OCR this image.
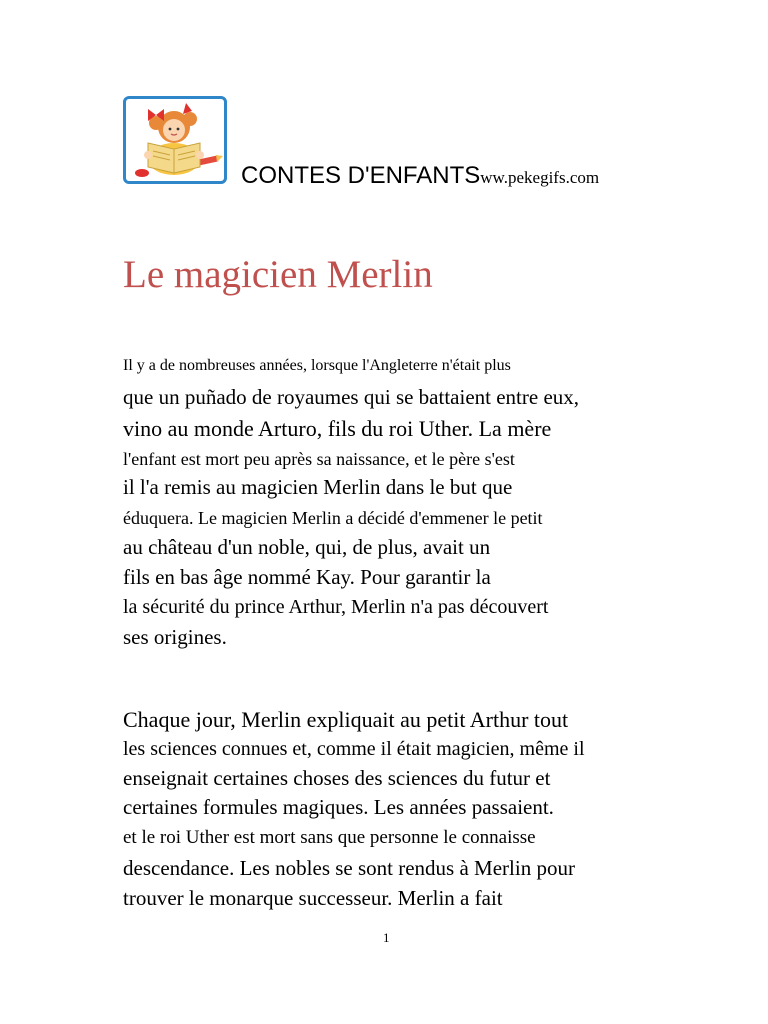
CONTES D'ENFANTSww.pekegifs.com
Le magicien Merlin
Il y a de nombreuses années, lorsque l'Angleterre n'était plus
que un puñado de royaumes qui se battaient entre eux,
vino au monde Arturo, fils du roi Uther. La mère
l'enfant est mort peu après sa naissance, et le père s'est
il l'a remis au magicien Merlin dans le but que
éduquera. Le magicien Merlin a décidé d'emmener le petit
au château d'un noble, qui, de plus, avait un
fils en bas âge nommé Kay. Pour garantir la
la sécurité du prince Arthur, Merlin n'a pas découvert
ses origines.
Chaque jour, Merlin expliquait au petit Arthur tout
les sciences connues et, comme il était magicien, même il
enseignait certaines choses des sciences du futur et
certaines formules magiques. Les années passaient.
et le roi Uther est mort sans que personne le connaisse
descendance. Les nobles se sont rendus à Merlin pour
trouver le monarque successeur. Merlin a fait
1
